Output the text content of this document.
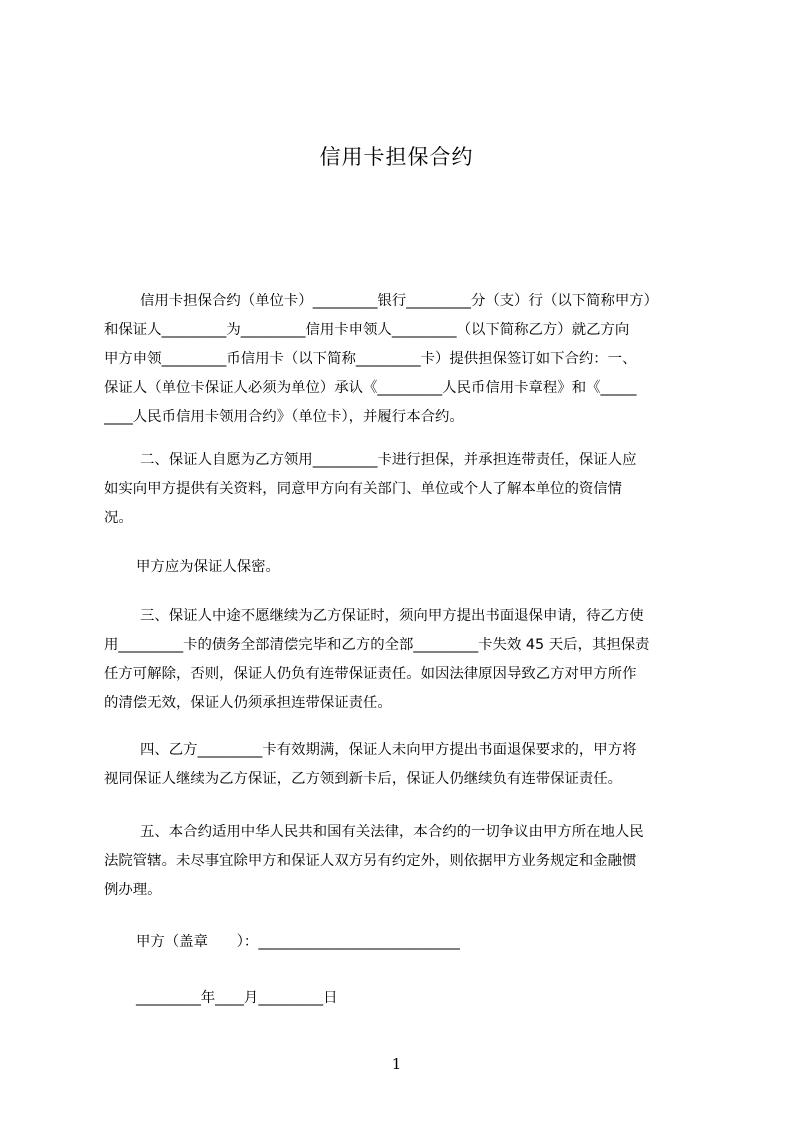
信用卡担保合约
信用卡担保合约（单位卡）_________银行_________分（支）行（以下简称甲方）
和保证人_________为_________信用卡申领人_________（以下简称乙方）就乙方向
甲方申领_________币信用卡（以下简称_________卡）提供担保签订如下合约：一、
保证人（单位卡保证人必须为单位）承认《_________人民币信用卡章程》和《_____
____人民币信用卡领用合约》（单位卡），并履行本合约。
二、保证人自愿为乙方领用_________卡进行担保，并承担连带责任，保证人应
如实向甲方提供有关资料，同意甲方向有关部门、单位或个人了解本单位的资信情
况。
甲方应为保证人保密。
三、保证人中途不愿继续为乙方保证时，须向甲方提出书面退保申请，待乙方使
用_________卡的债务全部清偿完毕和乙方的全部_________卡失效 45 天后，其担保责
任方可解除，否则，保证人仍负有连带保证责任。如因法律原因导致乙方对甲方所作
的清偿无效，保证人仍须承担连带保证责任。
四、乙方_________卡有效期满，保证人未向甲方提出书面退保要求的，甲方将
视同保证人继续为乙方保证，乙方领到新卡后，保证人仍继续负有连带保证责任。
五、本合约适用中华人民共和国有关法律，本合约的一切争议由甲方所在地人民
法院管辖。未尽事宜除甲方和保证人双方另有约定外，则依据甲方业务规定和金融惯
例办理。
甲方（盖章　　）：____________________________
_________年____月_________日
1
